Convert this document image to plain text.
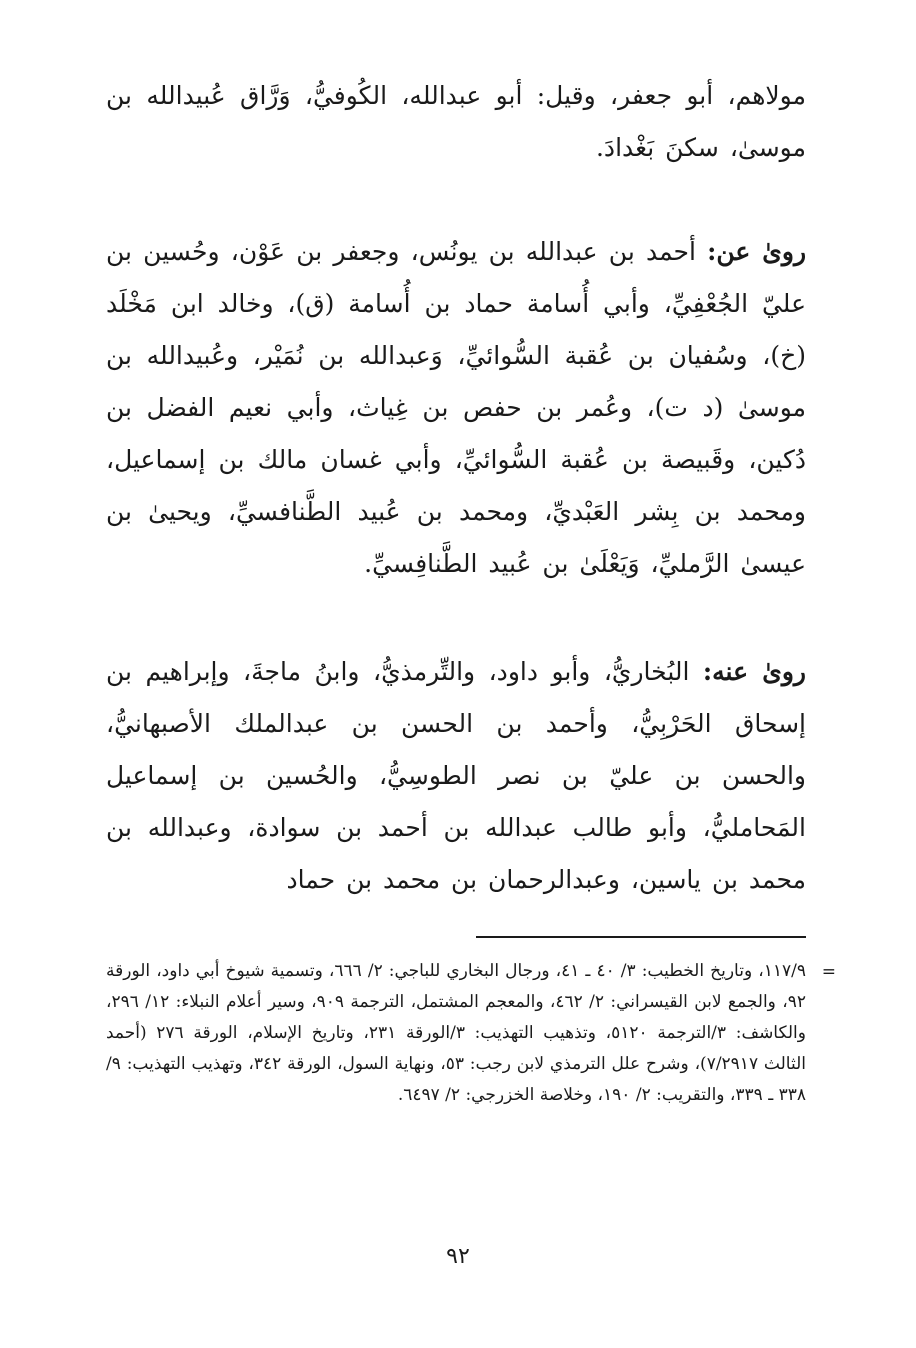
مولاهم، أبو جعفر، وقيل: أبو عبدالله، الكُوفيُّ، وَرَّاق عُبيدالله بن موسىٰ، سكنَ بَغْدادَ.

رویٰ عن: أحمد بن عبدالله بن يونُس، وجعفر بن عَوْن، وحُسين بن عليّ الجُعْفِيِّ، وأبي أُسامة حماد بن أُسامة (ق)، وخالد ابن مَخْلَد (خ)، وسُفيان بن عُقبة السُّوائيِّ، وَعبدالله بن نُمَيْر، وعُبيدالله بن موسىٰ (د ت)، وعُمر بن حفص بن غِياث، وأبي نعيم الفضل بن دُكين، وقَبيصة بن عُقبة السُّوائيِّ، وأبي غسان مالك بن إسماعيل، ومحمد بن بِشر العَبْديِّ، ومحمد بن عُبيد الطَّنافسيِّ، ويحيىٰ بن عيسىٰ الرَّمليِّ، وَيَعْلَىٰ بن عُبيد الطَّنافِسيِّ.

رویٰ عنه: البُخاريُّ، وأبو داود، والتِّرمذيُّ، وابنُ ماجةَ، وإبراهيم بن إسحاق الحَرْبِيُّ، وأحمد بن الحسن بن عبدالملك الأصبهانيُّ، والحسن بن عليّ بن نصر الطوسِيُّ، والحُسين بن إسماعيل المَحامليُّ، وأبو طالب عبدالله بن أحمد بن سوادة، وعبدالله بن محمد بن ياسين، وعبدالرحمان بن محمد بن حماد

=

١١٧/٩، وتاريخ الخطيب: ٣/ ٤٠ ـ ٤١، ورجال البخاري للباجي: ٢/ ٦٦٦، وتسمية شيوخ أبي داود، الورقة ٩٢، والجمع لابن القيسراني: ٢/ ٤٦٢، والمعجم المشتمل، الترجمة ٩٠٩، وسير أعلام النبلاء: ١٢/ ٢٩٦، والكاشف: ٣/الترجمة ٥١٢٠، وتذهيب التهذيب: ٣/الورقة ٢٣١، وتاريخ الإسلام، الورقة ٢٧٦ (أحمد الثالث ٧/٢٩١٧)، وشرح علل الترمذي لابن رجب: ٥٣، ونهاية السول، الورقة ٣٤٢، وتهذيب التهذيب: ٩/ ٣٣٨ ـ ٣٣٩، والتقريب: ٢/ ١٩٠، وخلاصة الخزرجي: ٢/ ٦٤٩٧.

٩٢
